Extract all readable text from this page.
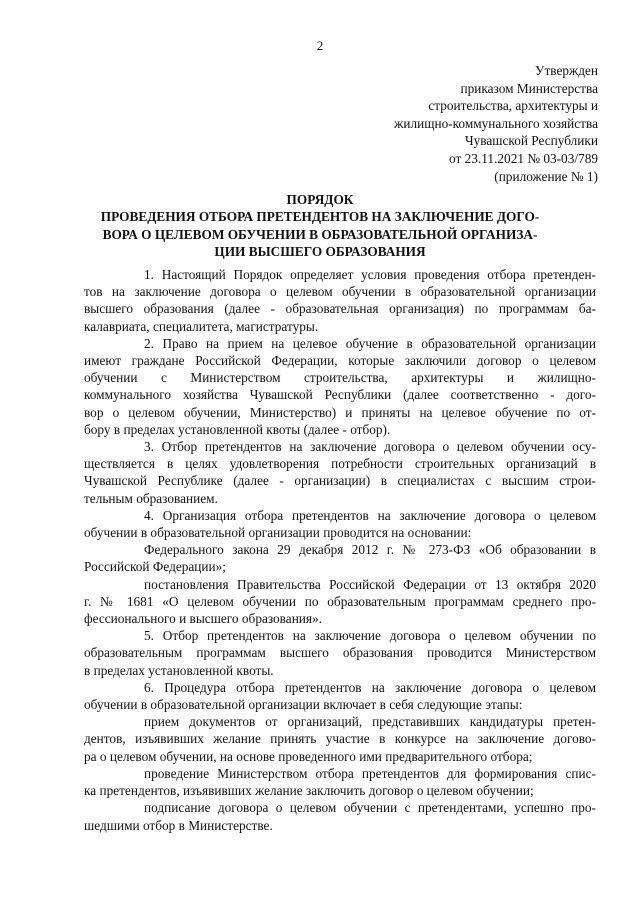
2
Утвержден
приказом Министерства
строительства, архитектуры и
жилищно-коммунального хозяйства
Чувашской Республики
от 23.11.2021 № 03-03/789
(приложение № 1)
ПОРЯДОК
ПРОВЕДЕНИЯ ОТБОРА ПРЕТЕНДЕНТОВ НА ЗАКЛЮЧЕНИЕ ДОГО-
ВОРА О ЦЕЛЕВОМ ОБУЧЕНИИ В ОБРАЗОВАТЕЛЬНОЙ ОРГАНИЗА-
ЦИИ ВЫСШЕГО ОБРАЗОВАНИЯ
1. Настоящий Порядок определяет условия проведения отбора претенден-
тов на заключение договора о целевом обучении в образовательной организации
высшего образования (далее - образовательная организация) по программам ба-
калавриата, специалитета, магистратуры.
2. Право на прием на целевое обучение в образовательной организации
имеют граждане Российской Федерации, которые заключили договор о целевом
обучении с Министерством строительства, архитектуры и жилищно-
коммунального хозяйства Чувашской Республики (далее соответственно - дого-
вор о целевом обучении, Министерство) и приняты на целевое обучение по от-
бору в пределах установленной квоты (далее - отбор).
3. Отбор претендентов на заключение договора о целевом обучении осу-
ществляется в целях удовлетворения потребности строительных организаций в
Чувашской Республике (далее - организации) в специалистах с высшим строи-
тельным образованием.
4. Организация отбора претендентов на заключение договора о целевом
обучении в образовательной организации проводится на основании:
Федерального закона 29 декабря 2012 г. № 273-ФЗ «Об образовании в
Российской Федерации»;
постановления Правительства Российской Федерации от 13 октября 2020
г. № 1681 «О целевом обучении по образовательным программам среднего про-
фессионального и высшего образования».
5. Отбор претендентов на заключение договора о целевом обучении по
образовательным программам высшего образования проводится Министерством
в пределах установленной квоты.
6. Процедура отбора претендентов на заключение договора о целевом
обучении в образовательной организации включает в себя следующие этапы:
прием документов от организаций, представивших кандидатуры претен-
дентов, изъявивших желание принять участие в конкурсе на заключение догово-
ра о целевом обучении, на основе проведенного ими предварительного отбора;
проведение Министерством отбора претендентов для формирования спис-
ка претендентов, изъявивших желание заключить договор о целевом обучении;
подписание договора о целевом обучении с претендентами, успешно про-
шедшими отбор в Министерстве.
